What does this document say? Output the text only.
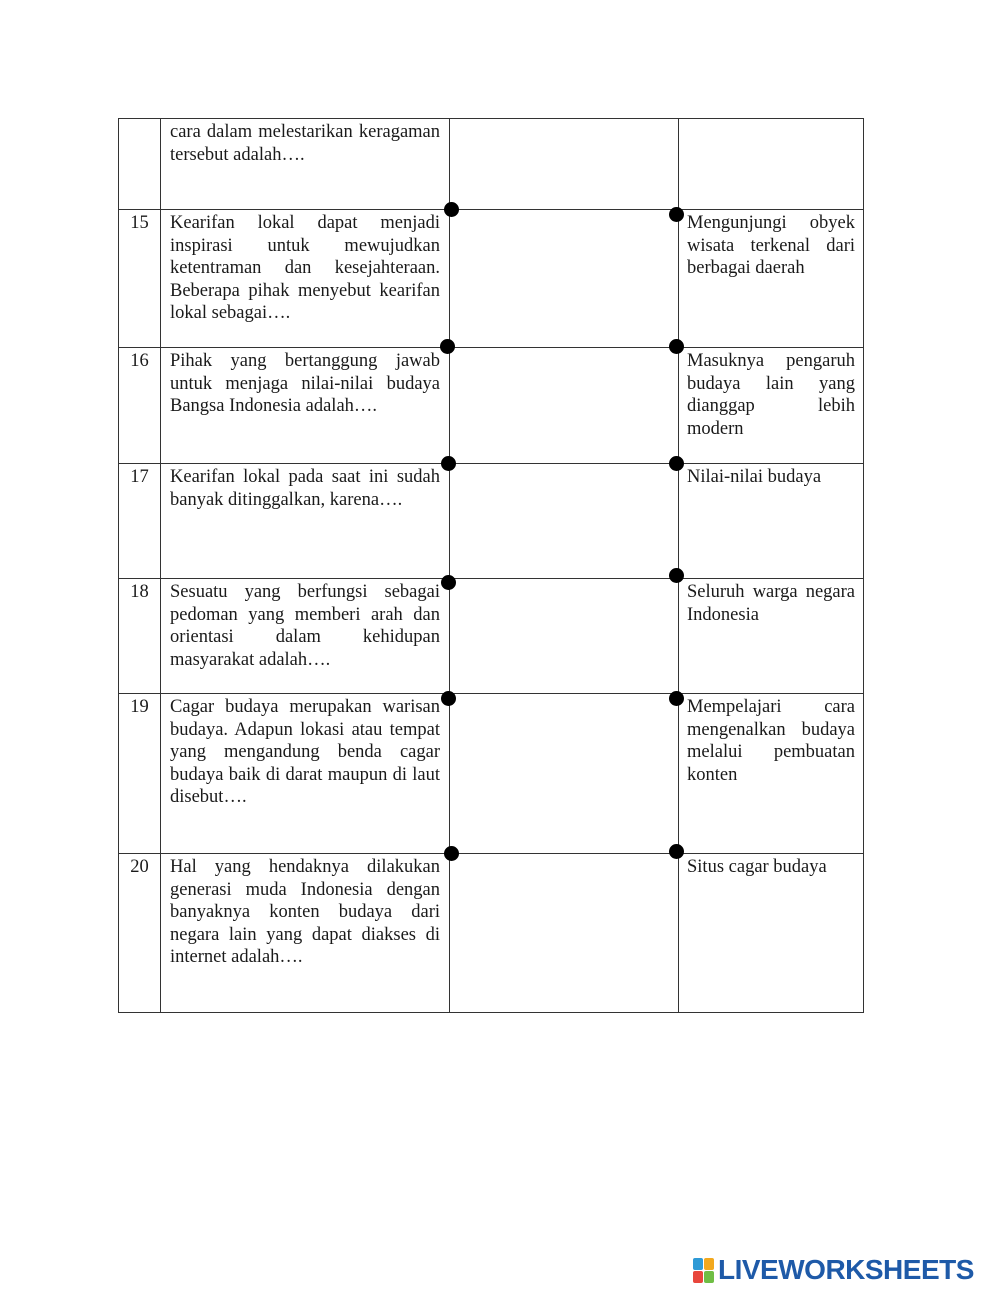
	cara dalam melestarikan keragaman tersebut adalah….		

15	Kearifan lokal dapat menjadi inspirasi untuk mewujudkan ketentraman dan kesejahteraan. Beberapa pihak menyebut kearifan lokal sebagai….		Mengunjungi obyek wisata terkenal dari berbagai daerah

16	Pihak yang bertanggung jawab untuk menjaga nilai-nilai budaya Bangsa Indonesia adalah….		Masuknya pengaruh budaya lain yang dianggap lebih modern

17	Kearifan lokal pada saat ini sudah banyak ditinggalkan, karena….		Nilai-nilai budaya

18	Sesuatu yang berfungsi sebagai pedoman yang memberi arah dan orientasi dalam kehidupan masyarakat adalah….		Seluruh warga negara Indonesia

19	Cagar budaya merupakan warisan budaya. Adapun lokasi atau tempat yang mengandung benda cagar budaya baik di darat maupun di laut disebut….		Mempelajari cara mengenalkan budaya melalui pembuatan konten

20	Hal yang hendaknya dilakukan generasi muda Indonesia dengan banyaknya konten budaya dari negara lain yang dapat diakses di internet adalah….		Situs cagar budaya
LIVEWORKSHEETS
